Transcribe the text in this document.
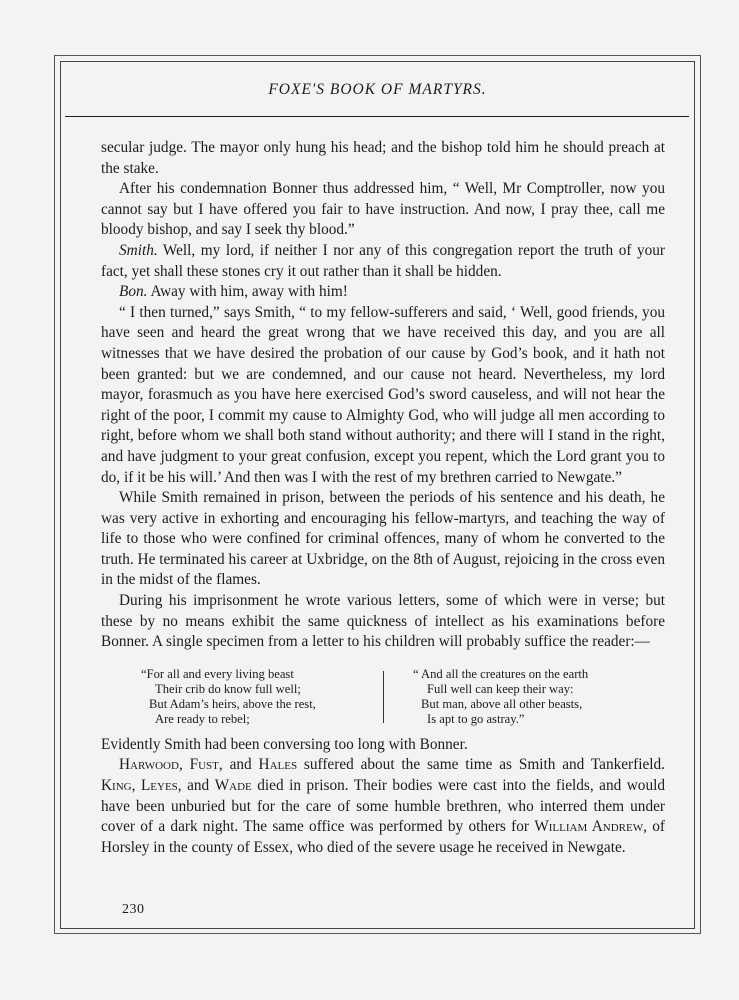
FOXE'S BOOK OF MARTYRS.

secular judge. The mayor only hung his head; and the bishop told him he should preach at the stake.

After his condemnation Bonner thus addressed him, “ Well, Mr Comptroller, now you cannot say but I have offered you fair to have instruction. And now, I pray thee, call me bloody bishop, and say I seek thy blood.”

Smith. Well, my lord, if neither I nor any of this congregation report the truth of your fact, yet shall these stones cry it out rather than it shall be hidden.

Bon. Away with him, away with him!

“ I then turned,” says Smith, “ to my fellow-sufferers and said, ‘ Well, good friends, you have seen and heard the great wrong that we have received this day, and you are all witnesses that we have desired the probation of our cause by God’s book, and it hath not been granted: but we are condemned, and our cause not heard. Nevertheless, my lord mayor, forasmuch as you have here exercised God’s sword causeless, and will not hear the right of the poor, I commit my cause to Almighty God, who will judge all men according to right, before whom we shall both stand without authority; and there will I stand in the right, and have judgment to your great confusion, except you repent, which the Lord grant you to do, if it be his will.’ And then was I with the rest of my brethren carried to Newgate.”

While Smith remained in prison, between the periods of his sentence and his death, he was very active in exhorting and encouraging his fellow-martyrs, and teaching the way of life to those who were confined for criminal offences, many of whom he converted to the truth. He terminated his career at Uxbridge, on the 8th of August, rejoicing in the cross even in the midst of the flames.

During his imprisonment he wrote various letters, some of which were in verse; but these by no means exhibit the same quickness of intellect as his examinations before Bonner. A single specimen from a letter to his children will probably suffice the reader:—

“For all and every living beast
Their crib do know full well;
But Adam’s heirs, above the rest,
Are ready to rebel;
“ And all the creatures on the earth
Full well can keep their way:
But man, above all other beasts,
Is apt to go astray.”

Evidently Smith had been conversing too long with Bonner.

Harwood, Fust, and Hales suffered about the same time as Smith and Tankerfield. King, Leyes, and Wade died in prison. Their bodies were cast into the fields, and would have been unburied but for the care of some humble brethren, who interred them under cover of a dark night. The same office was performed by others for William Andrew, of Horsley in the county of Essex, who died of the severe usage he received in Newgate.

230
